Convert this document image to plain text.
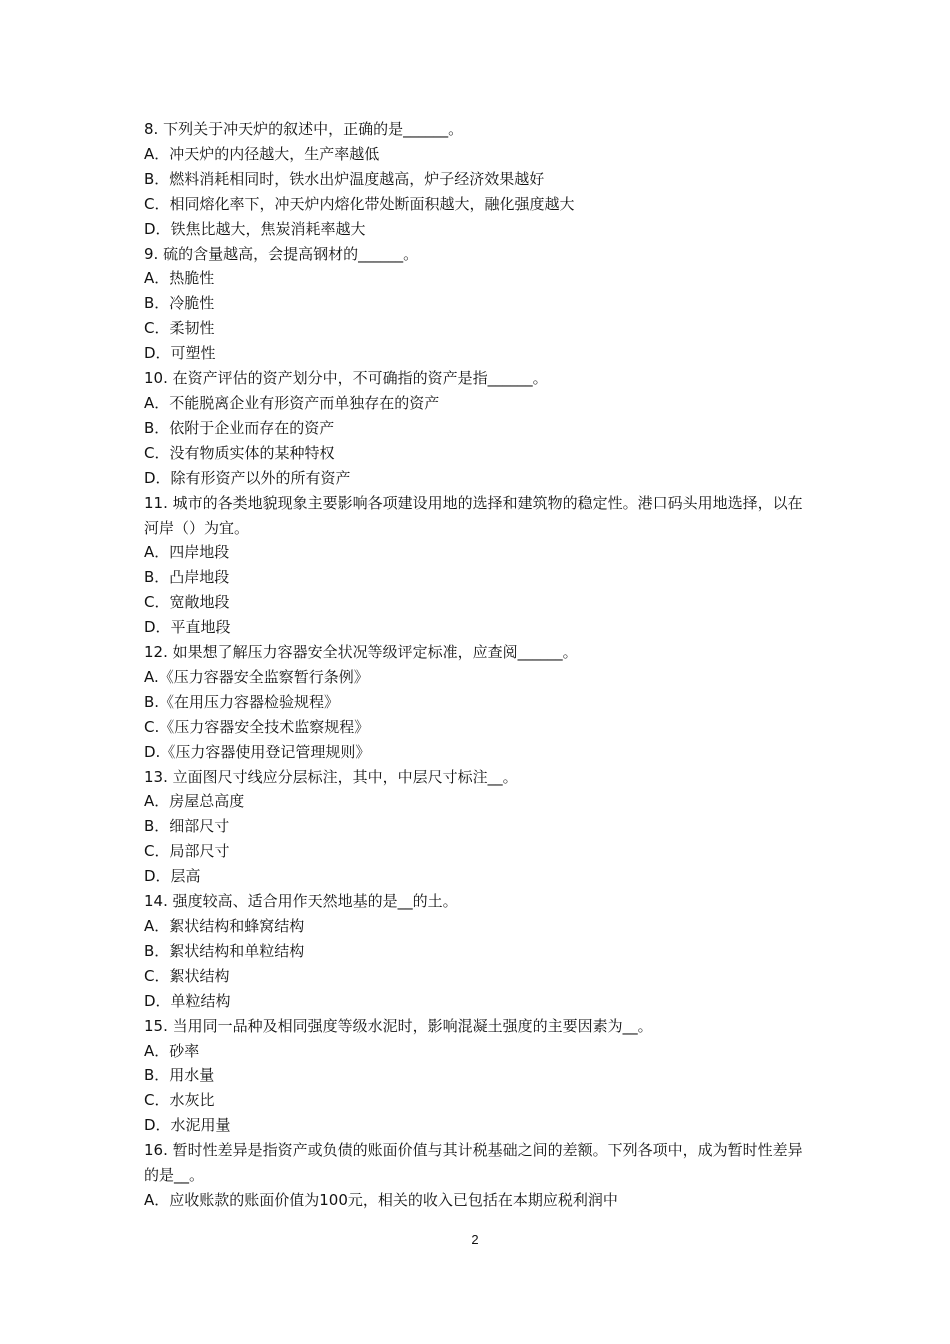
8. 下列关于冲天炉的叙述中，正确的是______。

A．冲天炉的内径越大，生产率越低

B．燃料消耗相同时，铁水出炉温度越高，炉子经济效果越好

C．相同熔化率下，冲天炉内熔化带处断面积越大，融化强度越大

D．铁焦比越大，焦炭消耗率越大

9. 硫的含量越高，会提高钢材的______。

A．热脆性

B．冷脆性

C．柔韧性

D．可塑性

10. 在资产评估的资产划分中，不可确指的资产是指______。

A．不能脱离企业有形资产而单独存在的资产

B．依附于企业而存在的资产

C．没有物质实体的某种特权

D．除有形资产以外的所有资产

11. 城市的各类地貌现象主要影响各项建设用地的选择和建筑物的稳定性。港口码头用地选择，以在河岸（）为宜。

A．四岸地段

B．凸岸地段

C．宽敞地段

D．平直地段

12. 如果想了解压力容器安全状况等级评定标准，应查阅______。

A.《压力容器安全监察暂行条例》

B.《在用压力容器检验规程》

C.《压力容器安全技术监察规程》

D.《压力容器使用登记管理规则》

13. 立面图尺寸线应分层标注，其中，中层尺寸标注__。

A．房屋总高度

B．细部尺寸

C．局部尺寸

D．层高

14. 强度较高、适合用作天然地基的是__的土。

A．絮状结构和蜂窝结构

B．絮状结构和单粒结构

C．絮状结构

D．单粒结构

15. 当用同一品种及相同强度等级水泥时，影响混凝土强度的主要因素为__。

A．砂率

B．用水量

C．水灰比

D．水泥用量

16. 暂时性差异是指资产或负债的账面价值与其计税基础之间的差额。下列各项中，成为暂时性差异的是__。

A．应收账款的账面价值为100元，相关的收入已包括在本期应税利润中

2
